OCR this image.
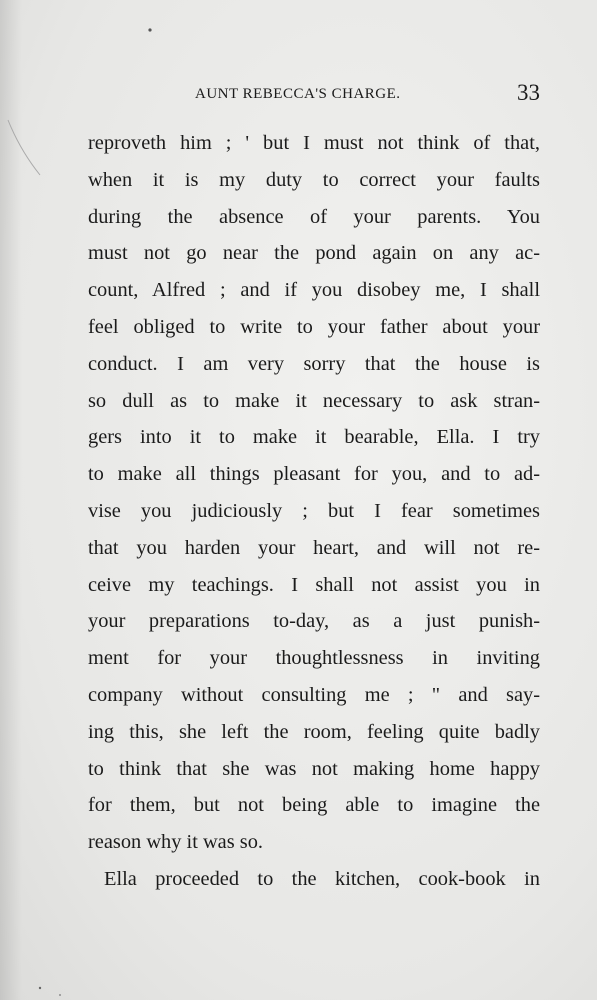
AUNT REBECCA'S CHARGE.	33
reproveth him ; ' but I must not think of that,
when it is my duty to correct your faults
during the absence of your parents. You
must not go near the pond again on any ac-
count, Alfred ; and if you disobey me, I shall
feel obliged to write to your father about your
conduct. I am very sorry that the house is
so dull as to make it necessary to ask stran-
gers into it to make it bearable, Ella. I try
to make all things pleasant for you, and to ad-
vise you judiciously ; but I fear sometimes
that you harden your heart, and will not re-
ceive my teachings. I shall not assist you in
your preparations to-day, as a just punish-
ment for your thoughtlessness in inviting
company without consulting me ; " and say-
ing this, she left the room, feeling quite badly
to think that she was not making home happy
for them, but not being able to imagine the
reason why it was so.
Ella proceeded to the kitchen, cook-book in
